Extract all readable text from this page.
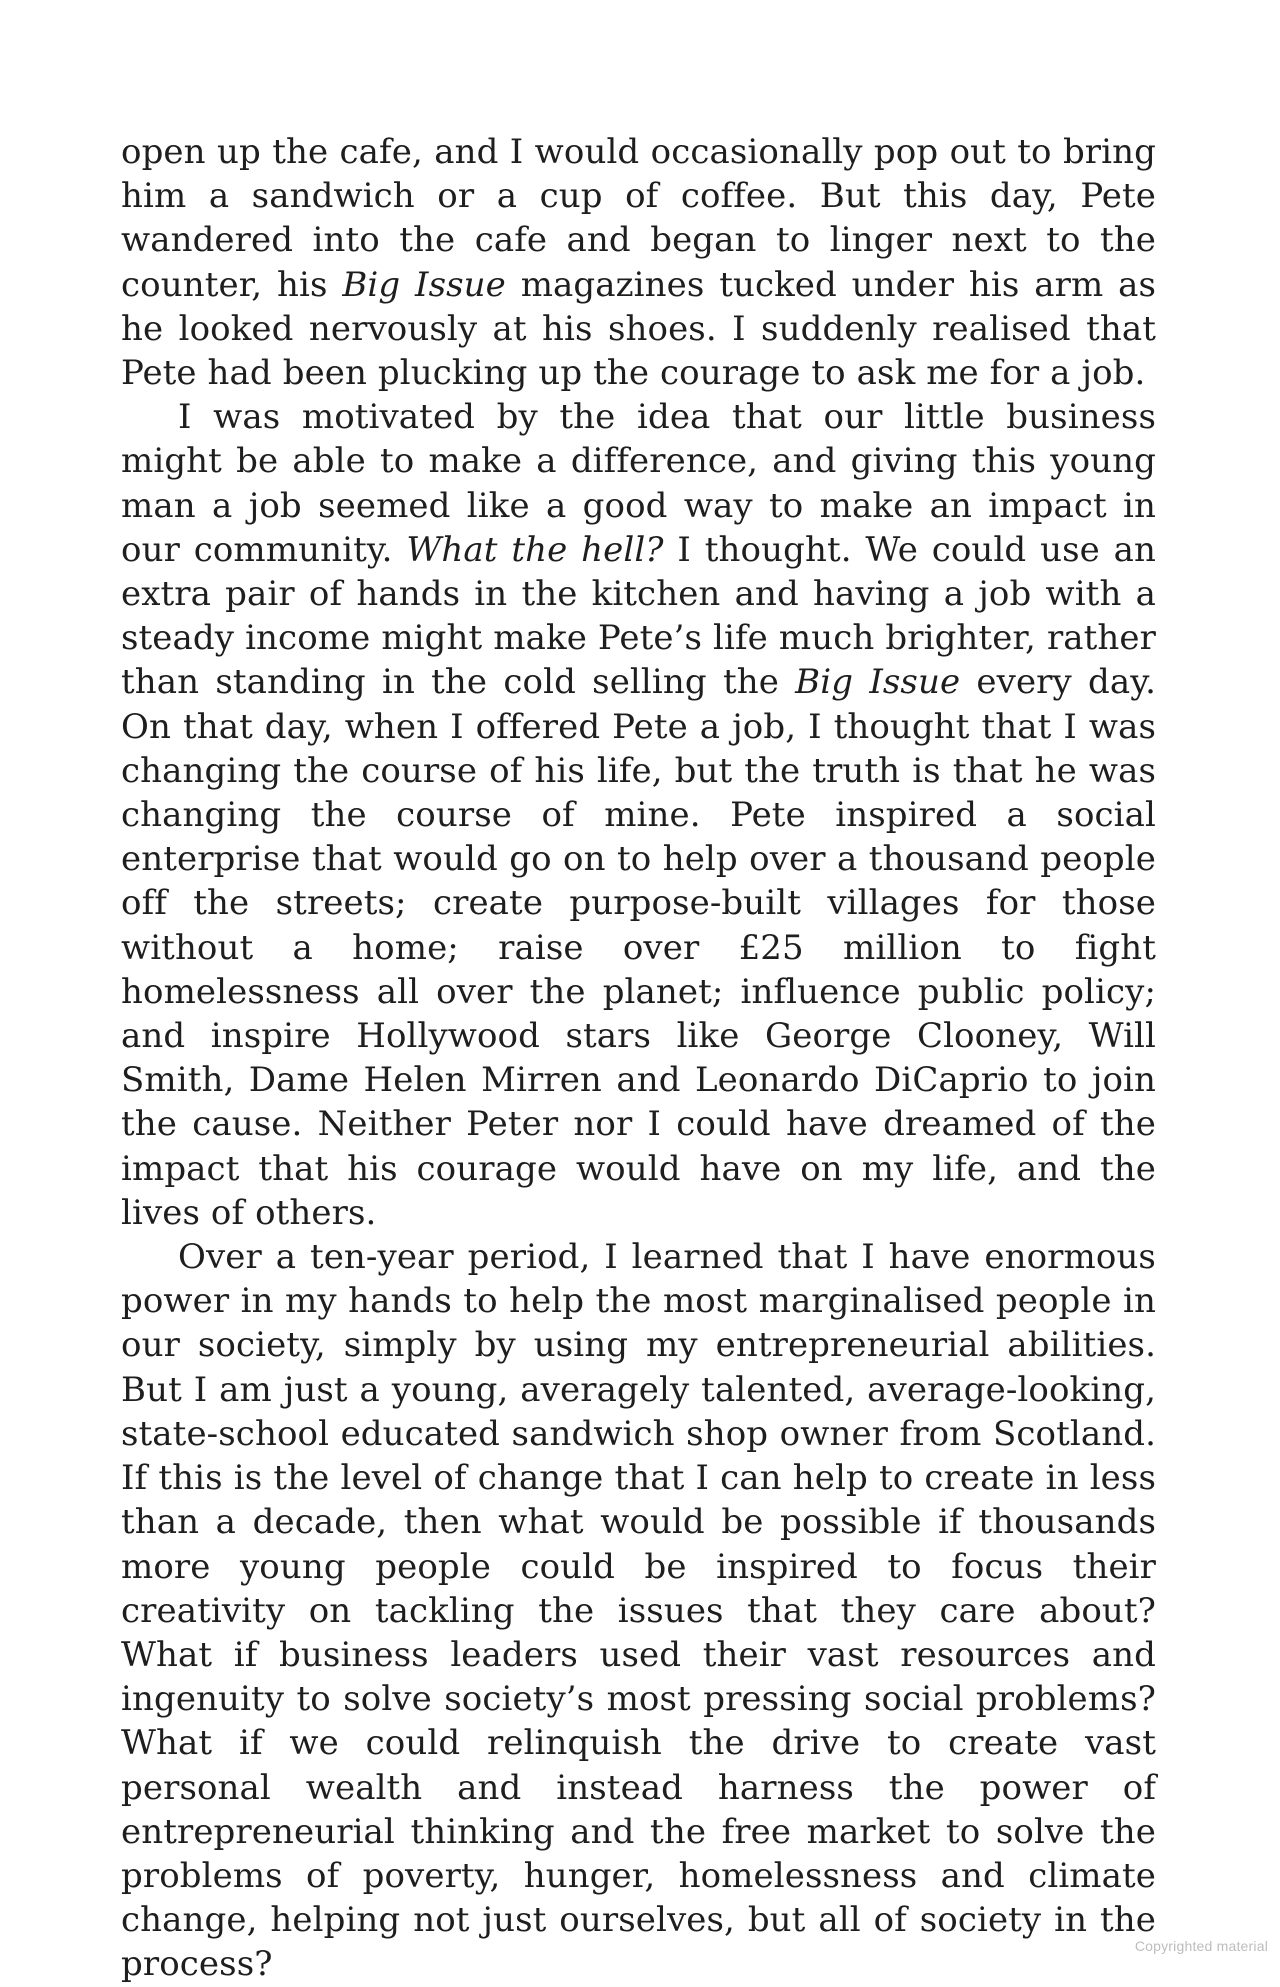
open up the cafe, and I would occasionally pop out to bring him a sandwich or a cup of coffee. But this day, Pete wandered into the cafe and began to linger next to the counter, his Big Issue magazines tucked under his arm as he looked nervously at his shoes. I suddenly realised that Pete had been plucking up the courage to ask me for a job.

I was motivated by the idea that our little business might be able to make a difference, and giving this young man a job seemed like a good way to make an impact in our community. What the hell? I thought. We could use an extra pair of hands in the kitchen and having a job with a steady income might make Pete’s life much brighter, rather than standing in the cold selling the Big Issue every day. On that day, when I offered Pete a job, I thought that I was changing the course of his life, but the truth is that he was changing the course of mine. Pete inspired a social enterprise that would go on to help over a thousand people off the streets; create purpose-built villages for those without a home; raise over £25 million to fight homelessness all over the planet; influence public policy; and inspire Hollywood stars like George Clooney, Will Smith, Dame Helen Mirren and Leonardo DiCaprio to join the cause. Neither Peter nor I could have dreamed of the impact that his courage would have on my life, and the lives of others.

Over a ten-year period, I learned that I have enormous power in my hands to help the most marginalised people in our society, simply by using my entrepreneurial abilities. But I am just a young, averagely talented, average-looking, state-school educated sandwich shop owner from Scotland. If this is the level of change that I can help to create in less than a decade, then what would be possible if thousands more young people could be inspired to focus their creativity on tackling the issues that they care about? What if business leaders used their vast resources and ingenuity to solve society’s most pressing social problems? What if we could relinquish the drive to create vast personal wealth and instead harness the power of entrepreneurial thinking and the free market to solve the problems of poverty, hunger, homelessness and climate change, helping not just ourselves, but all of society in the process?	Copyrighted material
